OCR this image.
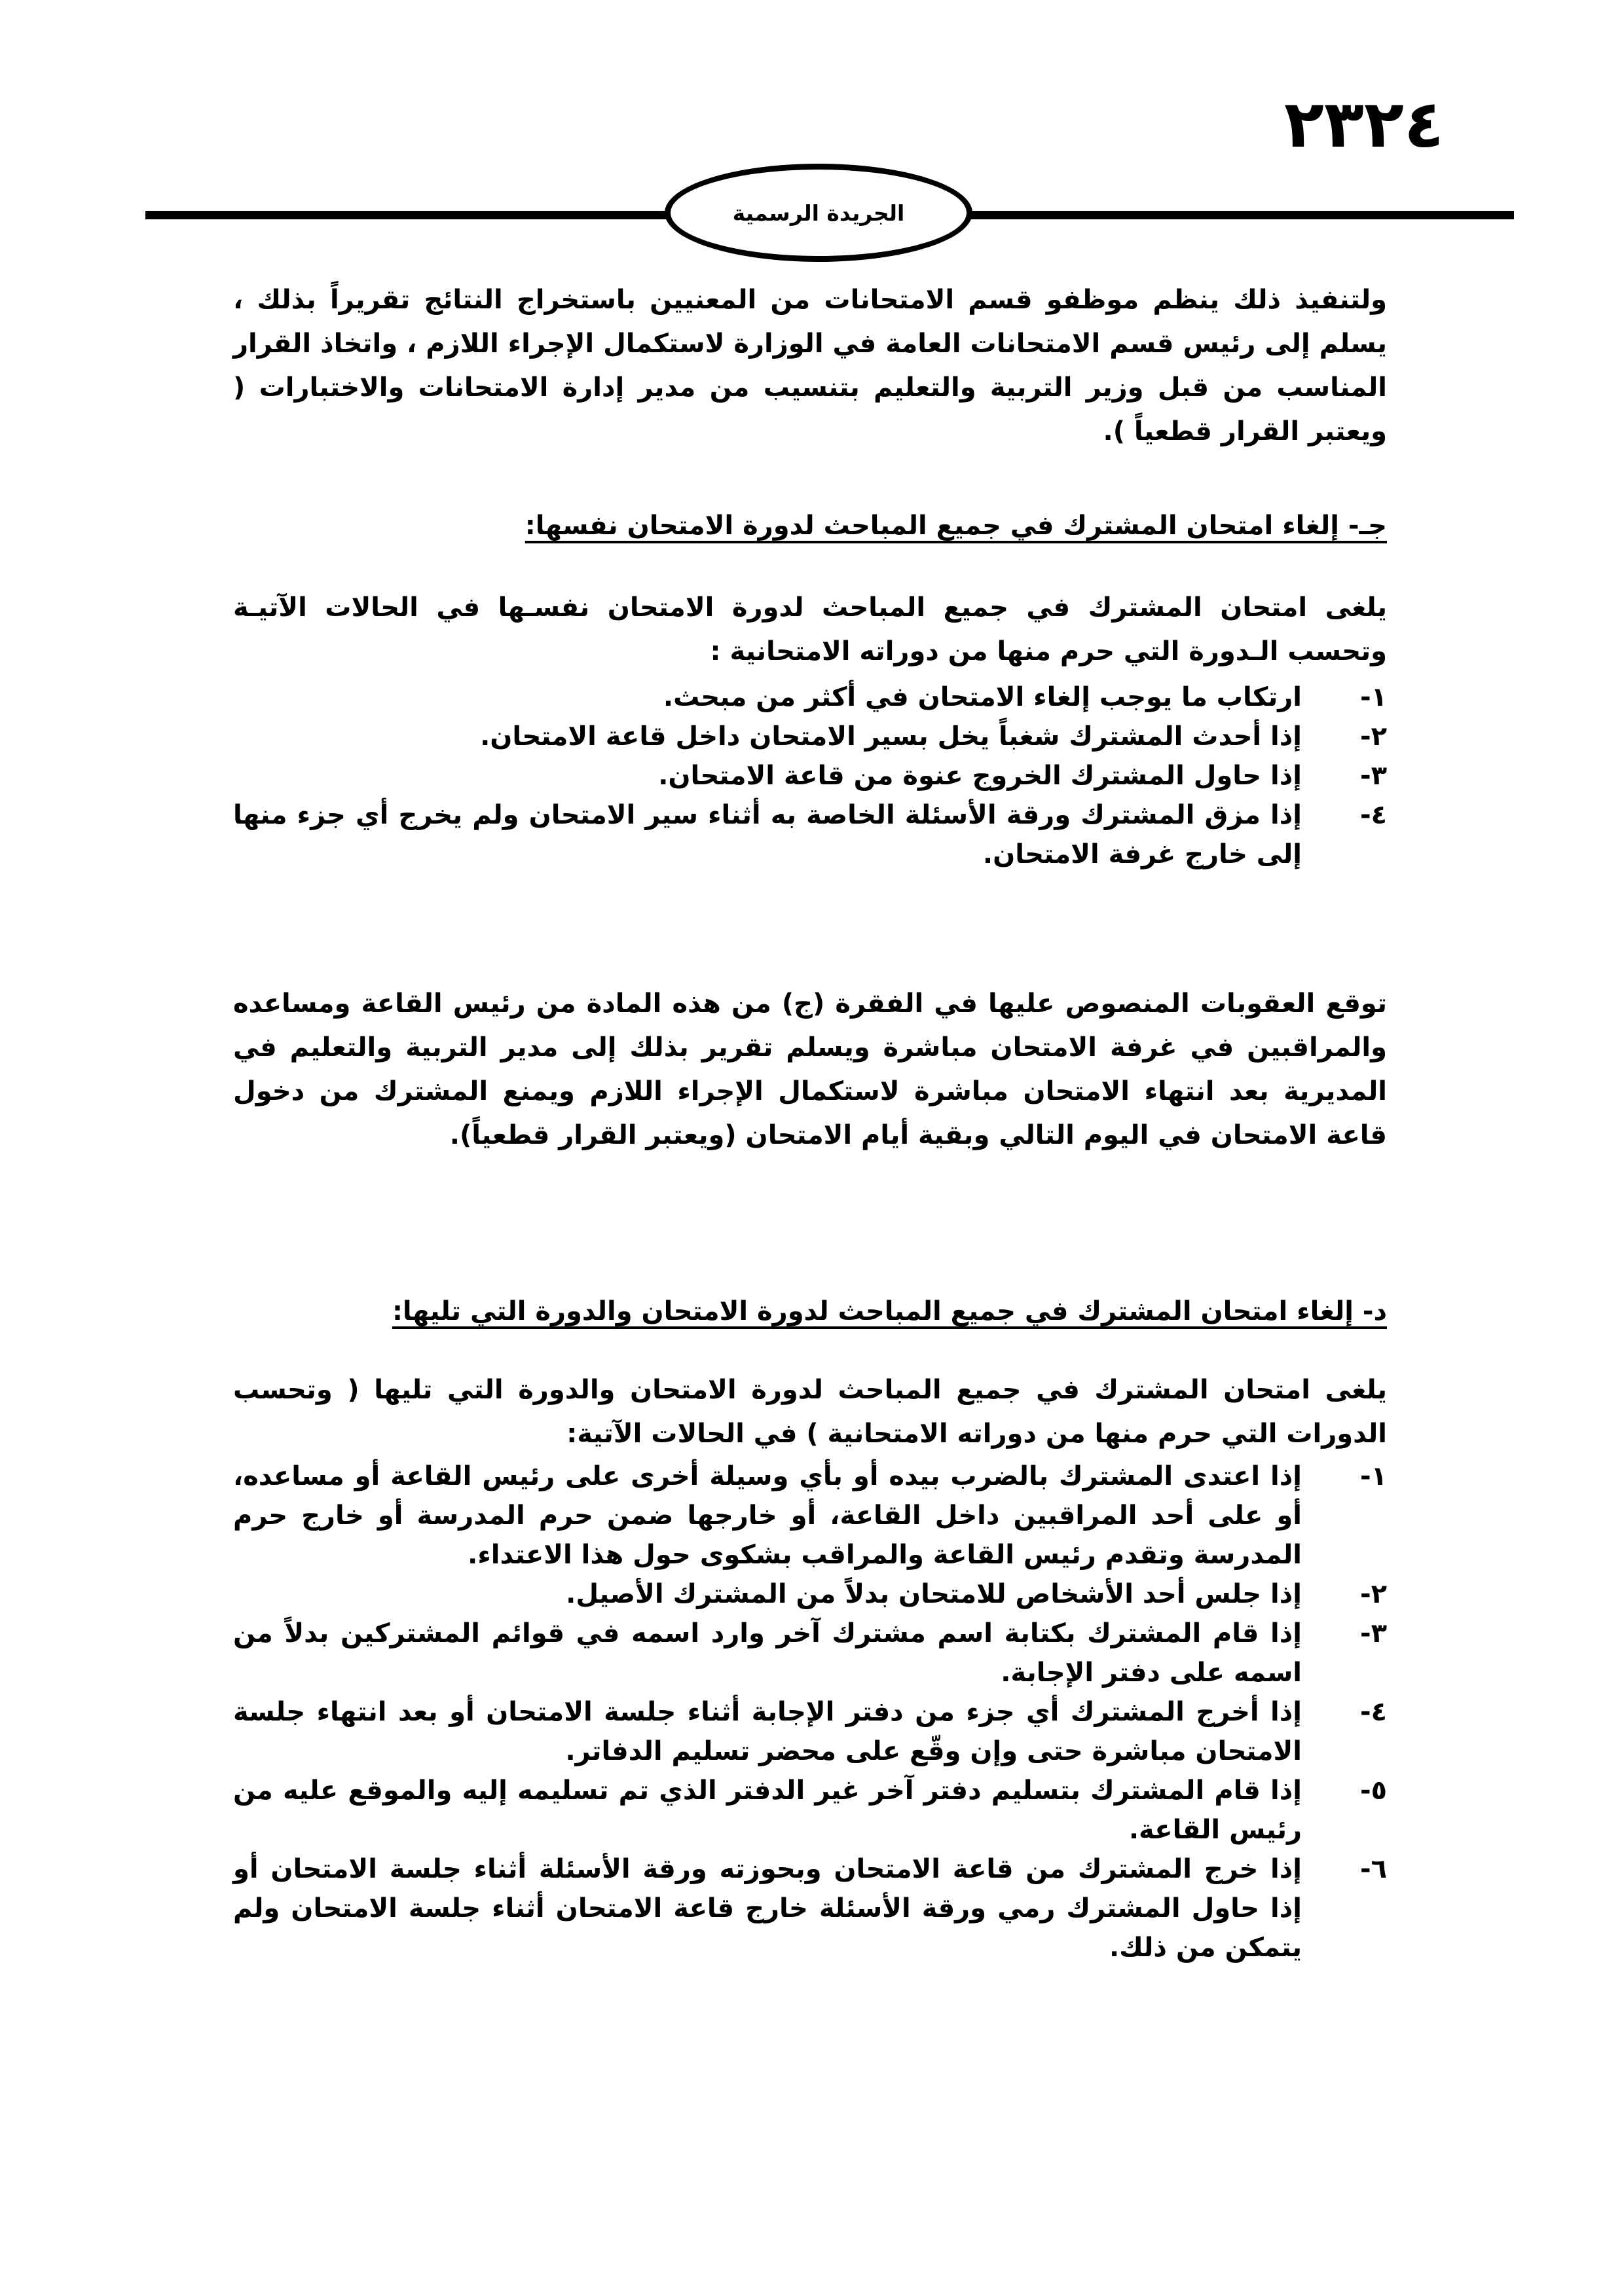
٢٣٢٤
الجريدة الرسمية

ولتنفيذ ذلك ينظم موظفو قسم الامتحانات من المعنيين باستخراج النتائج تقريراً بذلك ، يسلم إلى رئيس قسم الامتحانات العامة في الوزارة لاستكمال الإجراء اللازم ، واتخاذ القرار المناسب من قبل وزير التربية والتعليم بتنسيب من مدير إدارة الامتحانات والاختبارات ( ويعتبر القرار قطعياً ).

جـ- إلغاء امتحان المشترك في جميع المباحث لدورة الامتحان نفسها:

يلغى امتحان المشترك في جميع المباحث لدورة الامتحان نفسـها في الحالات الآتيـة وتحسب الـدورة التي حرم منها من دوراته الامتحانية :

١-
ارتكاب ما يوجب إلغاء الامتحان في أكثر من مبحث.
٢-
إذا أحدث المشترك شغباً يخل بسير الامتحان داخل قاعة الامتحان.
٣-
إذا حاول المشترك الخروج عنوة من قاعة الامتحان.
٤-
إذا مزق المشترك ورقة الأسئلة الخاصة به أثناء سير الامتحان ولم يخرج أي جزء منها إلى خارج غرفة الامتحان.

توقع العقوبات المنصوص عليها في الفقرة (ج) من هذه المادة من رئيس القاعة ومساعده والمراقبين في غرفة الامتحان مباشرة ويسلم تقرير بذلك إلى مدير التربية والتعليم في المديرية بعد انتهاء الامتحان مباشرة لاستكمال الإجراء اللازم ويمنع المشترك من دخول قاعة الامتحان في اليوم التالي وبقية أيام الامتحان (ويعتبر القرار قطعياً).

د- إلغاء امتحان المشترك في جميع المباحث لدورة الامتحان والدورة التي تليها:

يلغى امتحان المشترك في جميع المباحث لدورة الامتحان والدورة التي تليها ( وتحسب الدورات التي حرم منها من دوراته الامتحانية ) في الحالات الآتية:

١-
إذا اعتدى المشترك بالضرب بيده أو بأي وسيلة أخرى على رئيس القاعة أو مساعده، أو على أحد المراقبين داخل القاعة، أو خارجها ضمن حرم المدرسة أو خارج حرم المدرسة وتقدم رئيس القاعة والمراقب بشكوى حول هذا الاعتداء.
٢-
إذا جلس أحد الأشخاص للامتحان بدلاً من المشترك الأصيل.
٣-
إذا قام المشترك بكتابة اسم مشترك آخر وارد اسمه في قوائم المشتركين بدلاً من اسمه على دفتر الإجابة.
٤-
إذا أخرج المشترك أي جزء من دفتر الإجابة أثناء جلسة الامتحان أو بعد انتهاء جلسة الامتحان مباشرة حتى وإن وقّع على محضر تسليم الدفاتر.
٥-
إذا قام المشترك بتسليم دفتر آخر غير الدفتر الذي تم تسليمه إليه والموقع عليه من رئيس القاعة.
٦-
إذا خرج المشترك من قاعة الامتحان وبحوزته ورقة الأسئلة أثناء جلسة الامتحان أو إذا حاول المشترك رمي ورقة الأسئلة خارج قاعة الامتحان أثناء جلسة الامتحان ولم يتمكن من ذلك.
